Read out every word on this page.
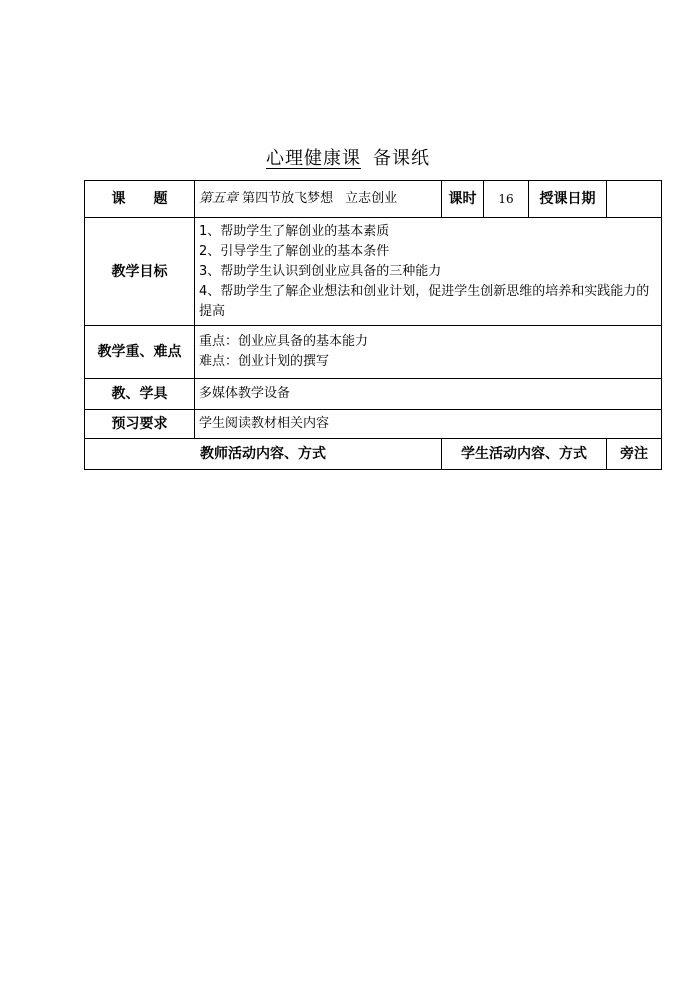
心理健康课 备课纸
课　　题	第五章 第四节放飞梦想 立志创业	课时	16	授课日期	
教学目标	1、帮助学生了解创业的基本素质
2、引导学生了解创业的基本条件
3、帮助学生认识到创业应具备的三种能力
4、帮助学生了解企业想法和创业计划，促进学生创新思维的培养和实践能力的提高				

教学重、难点	重点：创业应具备的基本能力
难点：创业计划的撰写				

教、学具	多媒体教学设备				
预习要求	学生阅读教材相关内容				
教师活动内容、方式		学生活动内容、方式			旁注
